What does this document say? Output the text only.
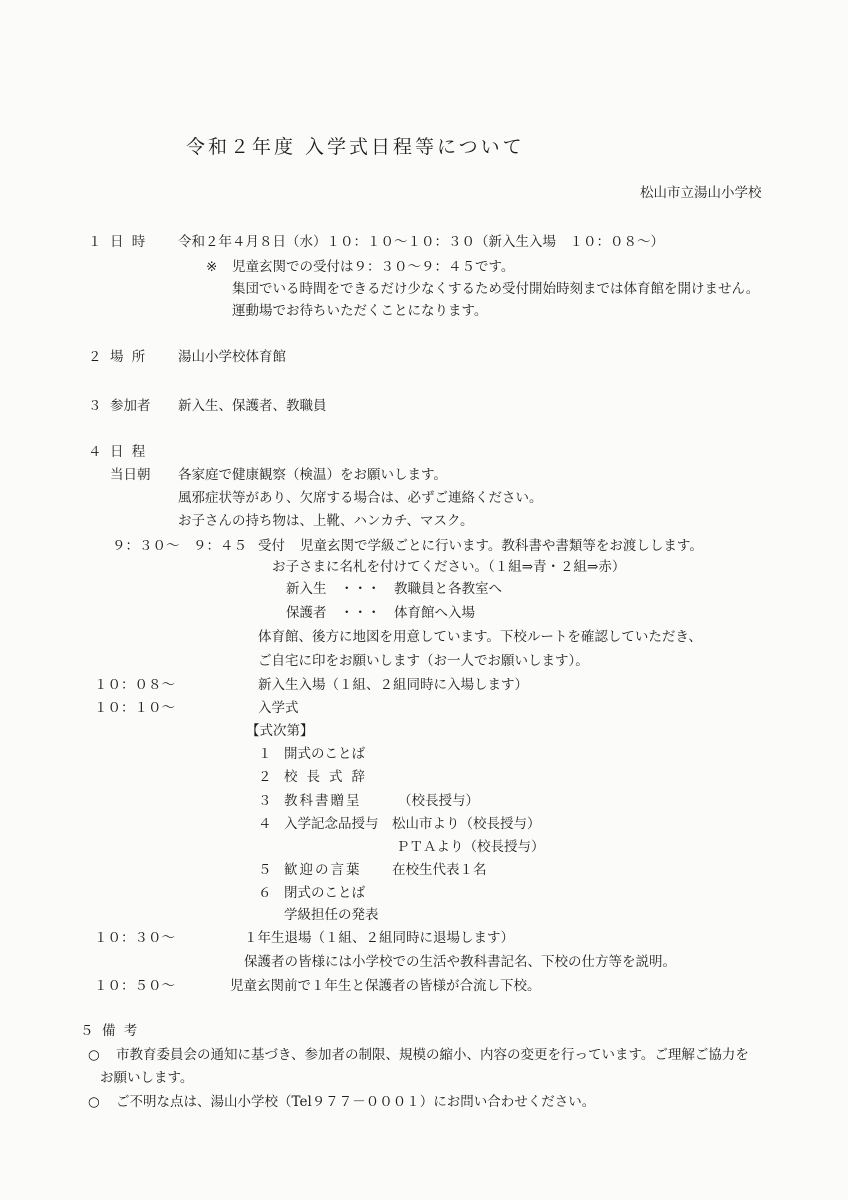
令和２年度 入学式日程等について
松山市立湯山小学校
１ 日 時 令和２年４月８日（水）１０：１０～１０：３０（新入生入場　１０：０８～）
※ 児童玄関での受付は９：３０～９：４５です。
集団でいる時間をできるだけ少なくするため受付開始時刻までは体育館を開けません。
運動場でお待ちいただくことになります。
２ 場 所 湯山小学校体育館
３ 参加者 新入生、保護者、教職員
４ 日 程
当日朝 各家庭で健康観察（検温）をお願いします。
風邪症状等があり、欠席する場合は、必ずご連絡ください。
お子さんの持ち物は、上靴、ハンカチ、マスク。
９：３０～　９：４５ 受付 児童玄関で学級ごとに行います。教科書や書類等をお渡しします。
お子さまに名札を付けてください。（１組⇒青・２組⇒赤）
新入生　・・・　教職員と各教室へ
保護者　・・・　体育館へ入場
体育館、後方に地図を用意しています。下校ルートを確認していただき、
ご自宅に印をお願いします（お一人でお願いします）。
１０：０８～	新入生入場（１組、２組同時に入場します）
１０：１０～	入学式
【式次第】
１ 開式のことば
２ 校長式辞
３ 教科書贈呈	（校長授与）
４ 入学記念品授与 松山市より（校長授与）
ＰＴＡより（校長授与）
５ 歓迎の言葉 在校生代表１名
６ 閉式のことば
学級担任の発表
１０：３０～	１年生退場（１組、２組同時に退場します）
保護者の皆様には小学校での生活や教科書記名、下校の仕方等を説明。
１０：５０～	児童玄関前で１年生と保護者の皆様が合流し下校。
５ 備 考
○ 市教育委員会の通知に基づき、参加者の制限、規模の縮小、内容の変更を行っています。ご理解ご協力を
お願いします。
○ ご不明な点は、湯山小学校（Tel９７７－０００１）にお問い合わせください。
